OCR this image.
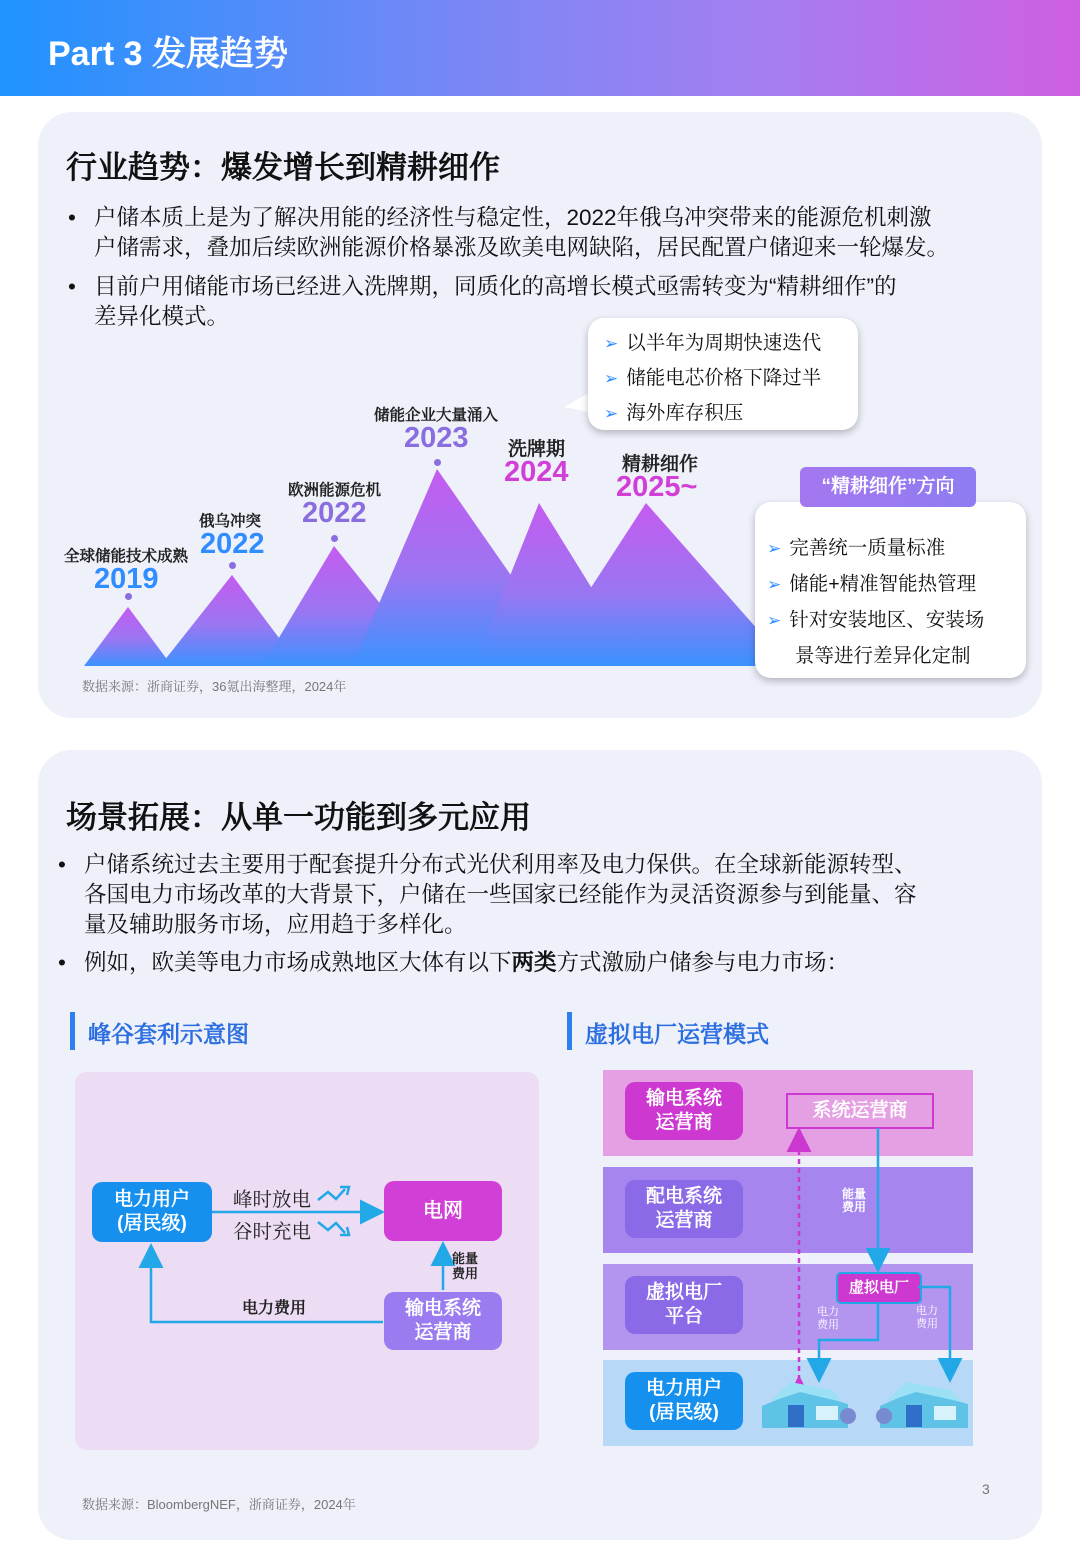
Part 3 发展趋势
行业趋势：爆发增长到精耕细作
• 户储本质上是为了解决用能的经济性与稳定性，2022年俄乌冲突带来的能源危机刺激
户储需求，叠加后续欧洲能源价格暴涨及欧美电网缺陷，居民配置户储迎来一轮爆发。
• 目前户用储能市场已经进入洗牌期，同质化的高增长模式亟需转变为“精耕细作”的
差异化模式。
全球储能技术成熟
2019
俄乌冲突
2022
欧洲能源危机
2022
储能企业大量涌入
2023 洗牌期
2024	精耕细作
2025~
➢ 以半年为周期快速迭代
➢ 储能电芯价格下降过半
➢ 海外库存积压
➢ 完善统一质量标准
➢ 储能+精准智能热管理
➢ 针对安装地区、安装场
景等进行差异化定制
“精耕细作”方向
数据来源：浙商证券，36氪出海整理，2024年
场景拓展：从单一功能到多元应用
• 户储系统过去主要用于配套提升分布式光伏利用率及电力保供。在全球新能源转型、
各国电力市场改革的大背景下，户储在一些国家已经能作为灵活资源参与到能量、容
量及辅助服务市场，应用趋于多样化。
• 例如，欧美等电力市场成熟地区大体有以下两类方式激励户储参与电力市场：
峰谷套利示意图
电力用户
(居民级)
电网
输电系统
运营商
峰时放电
谷时充电
能量
费用
电力费用
虚拟电厂运营模式
输电系统
运营商
配电系统
运营商
虚拟电厂
平台
电力用户
(居民级)
系统运营商
虚拟电厂
能量
费用
电力
费用
电力
费用
数据来源：BloombergNEF，浙商证券，2024年
3
